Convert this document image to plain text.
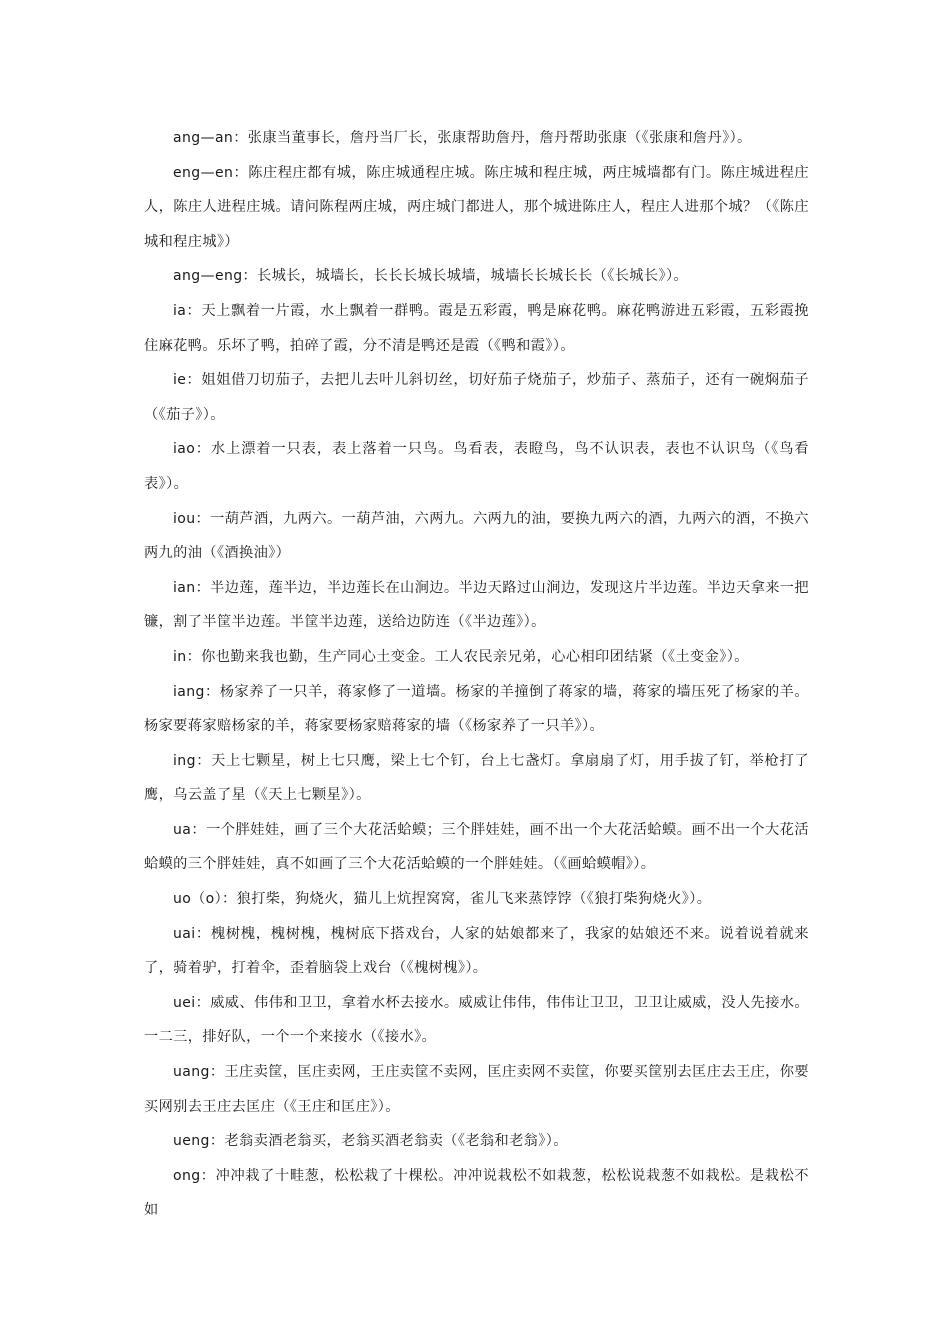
ang—an：张康当董事长，詹丹当厂长，张康帮助詹丹，詹丹帮助张康（《张康和詹丹》）。

eng—en：陈庄程庄都有城，陈庄城通程庄城。陈庄城和程庄城，两庄城墙都有门。陈庄城进程庄人，陈庄人进程庄城。请问陈程两庄城，两庄城门都进人，那个城进陈庄人，程庄人进那个城？（《陈庄城和程庄城》）

ang—eng：长城长，城墙长，长长长城长城墙，城墙长长城长长（《长城长》）。

ia：天上飘着一片霞，水上飘着一群鸭。霞是五彩霞，鸭是麻花鸭。麻花鸭游进五彩霞，五彩霞挽住麻花鸭。乐坏了鸭，拍碎了霞，分不清是鸭还是霞（《鸭和霞》）。

ie：姐姐借刀切茄子，去把儿去叶儿斜切丝，切好茄子烧茄子，炒茄子、蒸茄子，还有一碗焖茄子（《茄子》）。

iao：水上漂着一只表，表上落着一只鸟。鸟看表，表瞪鸟，鸟不认识表，表也不认识鸟（《鸟看表》）。

iou：一葫芦酒，九两六。一葫芦油，六两九。六两九的油，要换九两六的酒，九两六的酒，不换六两九的油（《酒换油》）

ian：半边莲，莲半边，半边莲长在山涧边。半边天路过山涧边，发现这片半边莲。半边天拿来一把镰，割了半筐半边莲。半筐半边莲，送给边防连（《半边莲》）。

in：你也勤来我也勤，生产同心土变金。工人农民亲兄弟，心心相印团结紧（《土变金》）。

iang：杨家养了一只羊，蒋家修了一道墙。杨家的羊撞倒了蒋家的墙，蒋家的墙压死了杨家的羊。杨家要蒋家赔杨家的羊，蒋家要杨家赔蒋家的墙（《杨家养了一只羊》）。

ing：天上七颗星，树上七只鹰，梁上七个钉，台上七盏灯。拿扇扇了灯，用手拔了钉，举枪打了鹰，乌云盖了星（《天上七颗星》）。

ua：一个胖娃娃，画了三个大花活蛤蟆；三个胖娃娃，画不出一个大花活蛤蟆。画不出一个大花活蛤蟆的三个胖娃娃，真不如画了三个大花活蛤蟆的一个胖娃娃。（《画蛤蟆帽》）。

uo（o）：狼打柴，狗烧火，猫儿上炕捏窝窝，雀儿飞来蒸饽饽（《狼打柴狗烧火》）。

uai：槐树槐，槐树槐，槐树底下搭戏台，人家的姑娘都来了，我家的姑娘还不来。说着说着就来了，骑着驴，打着伞，歪着脑袋上戏台（《槐树槐》）。

uei：威威、伟伟和卫卫，拿着水杯去接水。威威让伟伟，伟伟让卫卫，卫卫让威威，没人先接水。一二三，排好队，一个一个来接水（《接水》。

uang：王庄卖筐，匡庄卖网，王庄卖筐不卖网，匡庄卖网不卖筐，你要买筐别去匡庄去王庄，你要买网别去王庄去匡庄（《王庄和匡庄》）。

ueng：老翁卖酒老翁买，老翁买酒老翁卖（《老翁和老翁》）。

ong：冲冲栽了十畦葱，松松栽了十棵松。冲冲说栽松不如栽葱，松松说栽葱不如栽松。是栽松不如
